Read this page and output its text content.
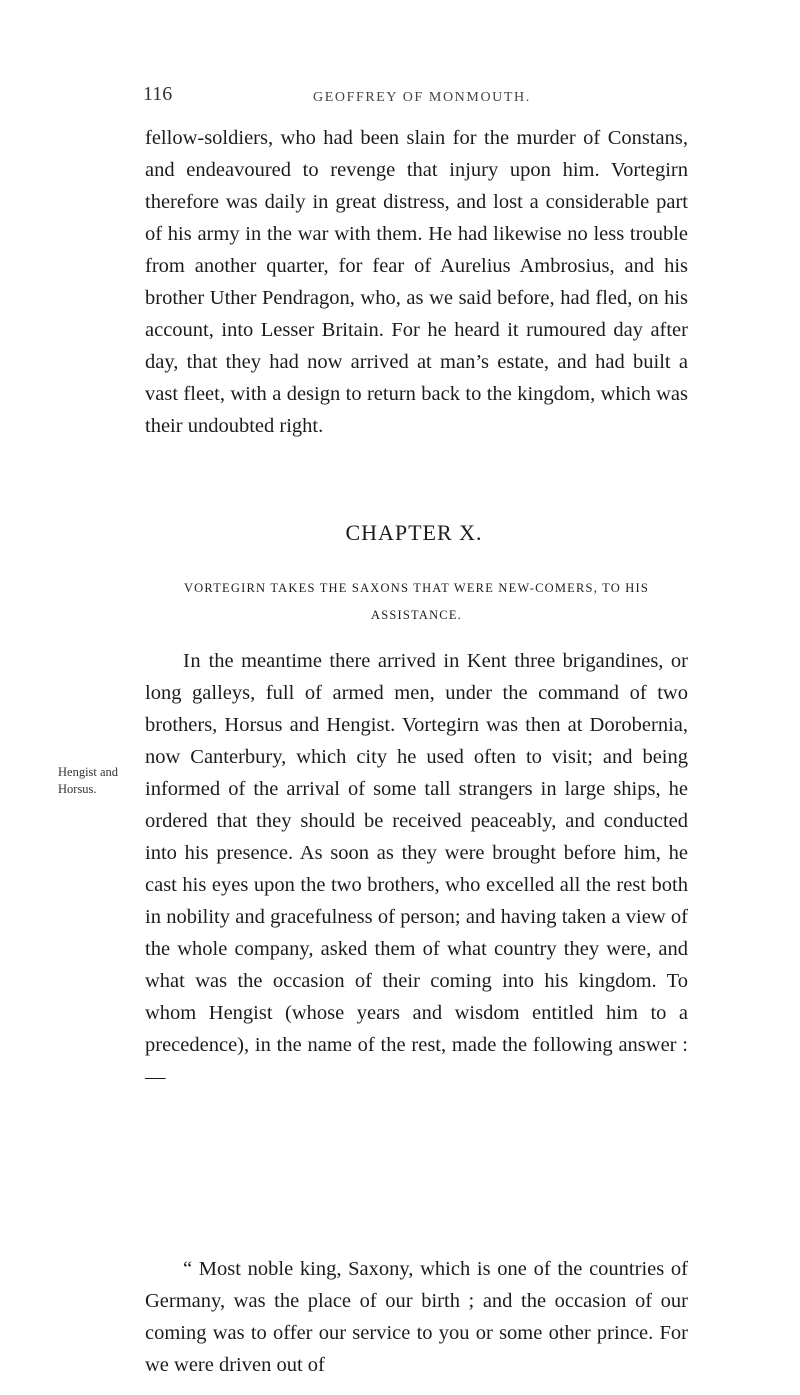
116	GEOFFREY OF MONMOUTH.

fellow-soldiers, who had been slain for the murder of Constans, and endeavoured to revenge that injury upon him. Vortegirn therefore was daily in great distress, and lost a considerable part of his army in the war with them. He had likewise no less trouble from another quarter, for fear of Aurelius Ambrosius, and his brother Uther Pendragon, who, as we said before, had fled, on his account, into Lesser Britain. For he heard it rumoured day after day, that they had now arrived at man’s estate, and had built a vast fleet, with a design to return back to the kingdom, which was their undoubted right.

CHAPTER X.
VORTEGIRN TAKES THE SAXONS THAT WERE NEW-COMERS, TO HIS ASSISTANCE.
Hengist and
Horsus.

In the meantime there arrived in Kent three brigandines, or long galleys, full of armed men, under the command of two brothers, Horsus and Hengist. Vortegirn was then at Dorobernia, now Canterbury, which city he used often to visit; and being informed of the arrival of some tall strangers in large ships, he ordered that they should be received peaceably, and conducted into his presence. As soon as they were brought before him, he cast his eyes upon the two brothers, who excelled all the rest both in nobility and gracefulness of person; and having taken a view of the whole company, asked them of what country they were, and what was the occasion of their coming into his kingdom. To whom Hengist (whose years and wisdom entitled him to a precedence), in the name of the rest, made the following answer :—

“ Most noble king, Saxony, which is one of the countries of Germany, was the place of our birth ; and the occasion of our coming was to offer our service to you or some other prince. For we were driven out of
